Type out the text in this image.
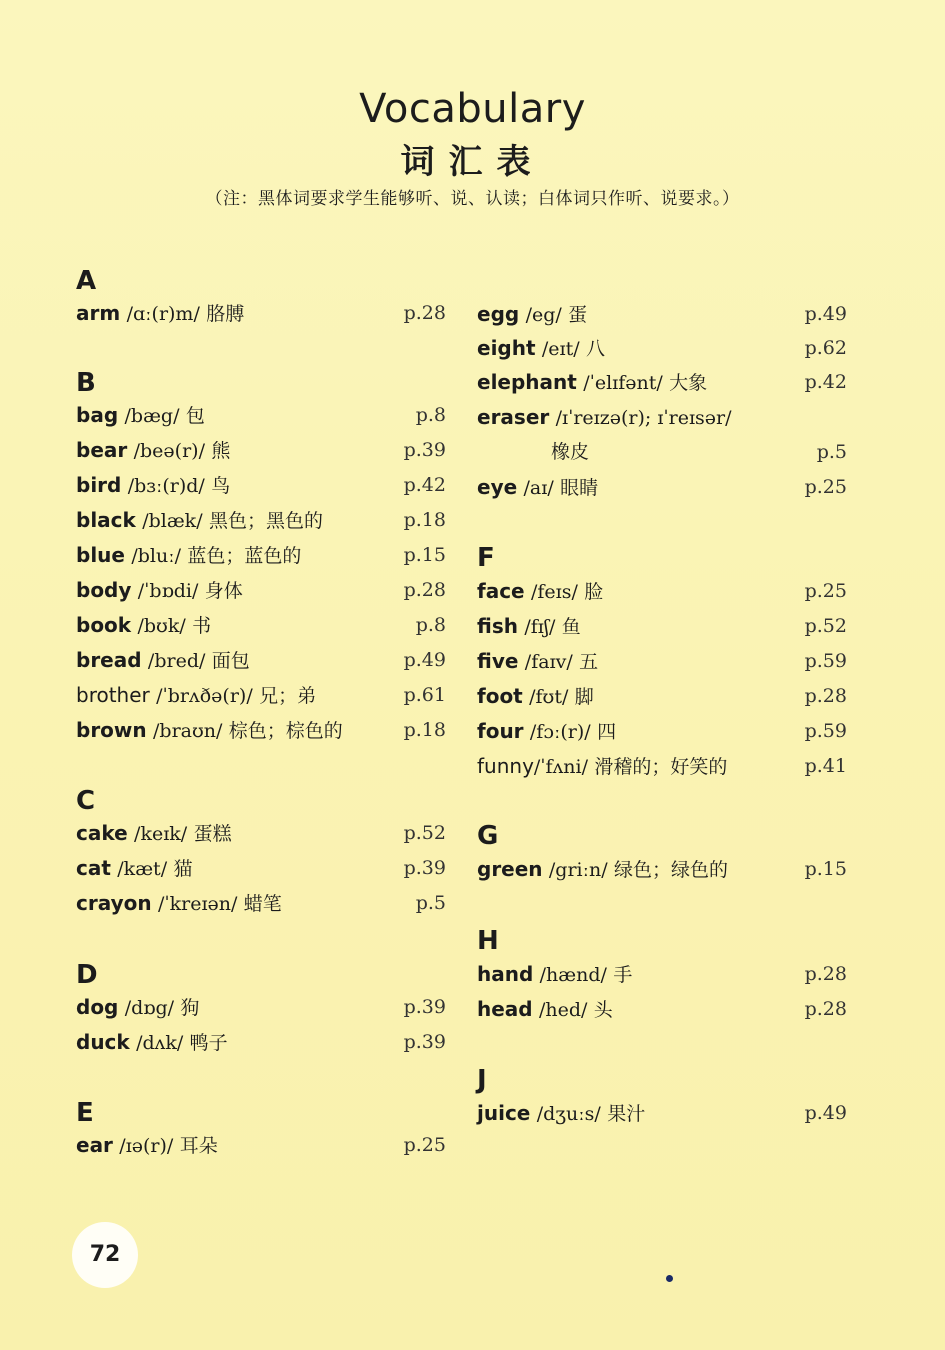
Vocabulary
词汇表
（注：黑体词要求学生能够听、说、认读；白体词只作听、说要求。）
A
arm /ɑː(r)m/ 胳膊	p.28
B
bag /bæg/ 包	p.8
bear /beə(r)/ 熊	p.39
bird /bɜː(r)d/ 鸟	p.42
black /blæk/ 黑色；黑色的	p.18
blue /bluː/ 蓝色；蓝色的	p.15
body /ˈbɒdi/ 身体	p.28
book /bʊk/ 书	p.8
bread /bred/ 面包	p.49
brother /ˈbrʌðə(r)/ 兄；弟	p.61
brown /braʊn/ 棕色；棕色的	p.18
C
cake /keɪk/ 蛋糕	p.52
cat /kæt/ 猫	p.39
crayon /ˈkreɪən/ 蜡笔	p.5
D
dog /dɒg/ 狗	p.39
duck /dʌk/ 鸭子	p.39
E
ear /ɪə(r)/ 耳朵	p.25
egg /eg/ 蛋	p.49
eight /eɪt/ 八	p.62
elephant /ˈelɪfənt/ 大象	p.42
eraser /ɪˈreɪzə(r); ɪˈreɪsər/
橡皮	p.5
eye /aɪ/ 眼睛	p.25
F
face /feɪs/ 脸	p.25
fish /fɪʃ/ 鱼	p.52
five /faɪv/ 五	p.59
foot /fʊt/ 脚	p.28
four /fɔː(r)/ 四	p.59
funny/ˈfʌni/ 滑稽的；好笑的	p.41
G
green /griːn/ 绿色；绿色的	p.15
H
hand /hænd/ 手	p.28
head /hed/ 头	p.28
J
juice /dʒuːs/ 果汁	p.49
72
